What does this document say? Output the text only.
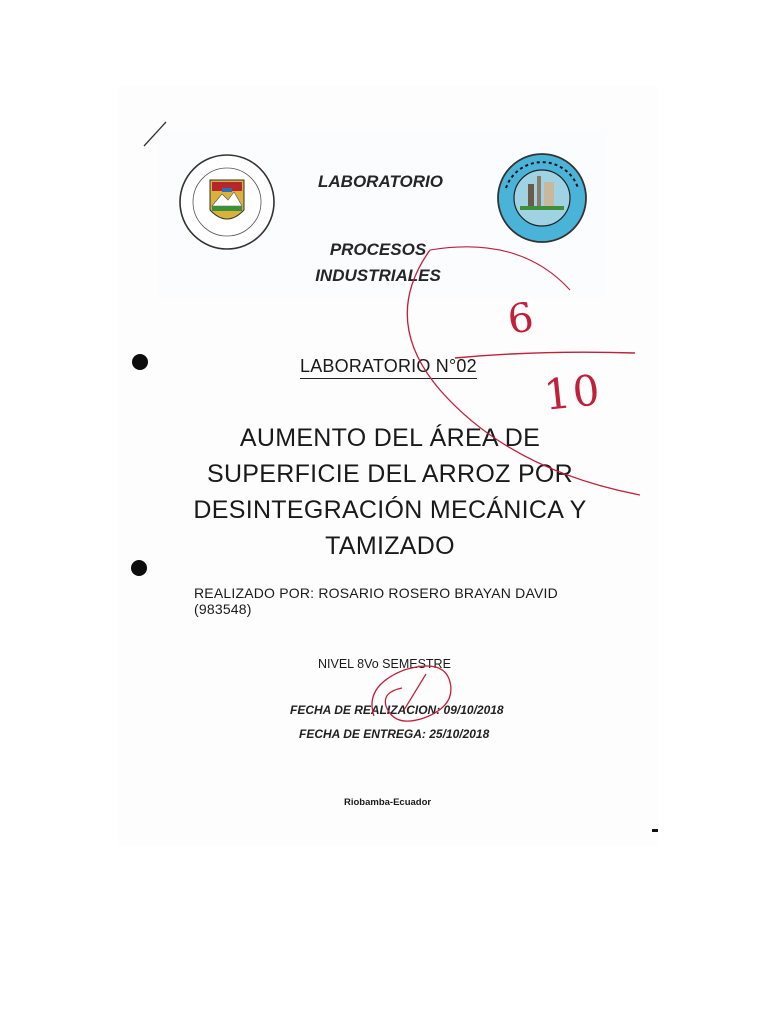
LABORATORIO
PROCESOS
INDUSTRIALES
LABORATORIO N°02
AUMENTO DEL ÁREA DE
SUPERFICIE DEL ARROZ POR
DESINTEGRACIÓN MECÁNICA Y
TAMIZADO
REALIZADO POR: ROSARIO ROSERO BRAYAN DAVID (983548)
NIVEL 8Vo SEMESTRE
FECHA DE REALIZACION: 09/10/2018
FECHA DE ENTREGA: 25/10/2018
Riobamba-Ecuador
6
10
